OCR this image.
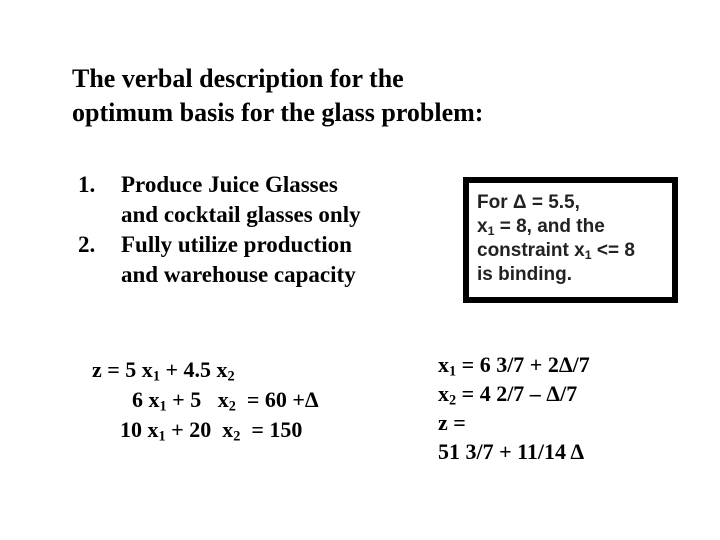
The verbal description for the
optimum basis for the glass problem:
1.	Produce Juice Glasses
and cocktail glasses only
2.	Fully utilize production
and warehouse capacity
For Δ = 5.5,
$x_1 = 8$, and the
constraint $x_1 <= 8$
is binding.
z = 5 $x_1 + 4.5$ $x_2$
6 $x_1 + 5$   $x_2 = 60 +\Delta$
10 $x_1 + 20$  $x_2 = 150$
$x_1 = 6$ 3/7 + 2Δ/7
$x_2 = 4$ 2/7 – Δ/7
z =
51 3/7 + 11/14 Δ
